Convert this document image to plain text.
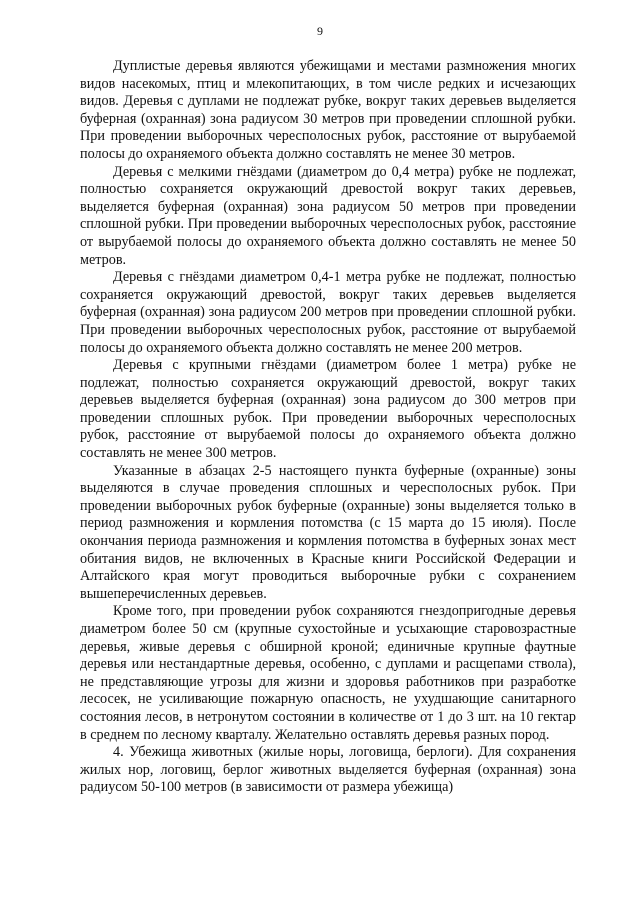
9

Дуплистые деревья являются убежищами и местами размножения многих видов насекомых, птиц и млекопитающих, в том числе редких и исчезающих видов. Деревья с дуплами не подлежат рубке, вокруг таких деревьев выделяется буферная (охранная) зона радиусом 30 метров при проведении сплошной рубки. При проведении выборочных чересполосных рубок, расстояние от вырубаемой полосы до охраняемого объекта должно составлять не менее 30 метров.

Деревья с мелкими гнёздами (диаметром до 0,4 метра) рубке не подлежат, полностью сохраняется окружающий древостой вокруг таких деревьев, выделяется буферная (охранная) зона радиусом 50 метров при проведении сплошной рубки. При проведении выборочных чересполосных рубок, расстояние от вырубаемой полосы до охраняемого объекта должно составлять не менее 50 метров.

Деревья с гнёздами диаметром 0,4-1 метра рубке не подлежат, полностью сохраняется окружающий древостой, вокруг таких деревьев выделяется буферная (охранная) зона радиусом 200 метров при проведении сплошной рубки. При проведении выборочных чересполосных рубок, расстояние от вырубаемой полосы до охраняемого объекта должно составлять не менее 200 метров.

Деревья с крупными гнёздами (диаметром более 1 метра) рубке не подлежат, полностью сохраняется окружающий древостой, вокруг таких деревьев выделяется буферная (охранная) зона радиусом до 300 метров при проведении сплошных рубок. При проведении выборочных чересполосных рубок, расстояние от вырубаемой полосы до охраняемого объекта должно составлять не менее 300 метров.

Указанные в абзацах 2-5 настоящего пункта буферные (охранные) зоны выделяются в случае проведения сплошных и чересполосных рубок. При проведении выборочных рубок буферные (охранные) зоны выделяется только в период размножения и кормления потомства (с 15 марта до 15 июля). После окончания периода размножения и кормления потомства в буферных зонах мест обитания видов, не включенных в Красные книги Российской Федерации и Алтайского края могут проводиться выборочные рубки с сохранением вышеперечисленных деревьев.

Кроме того, при проведении рубок сохраняются гнездопригодные деревья диаметром более 50 см (крупные сухостойные и усыхающие старовозрастные деревья, живые деревья с обширной кроной; единичные крупные фаутные деревья или нестандартные деревья, особенно, с дуплами и расщепами ствола), не представляющие угрозы для жизни и здоровья работников при разработке лесосек, не усиливающие пожарную опасность, не ухудшающие санитарного состояния лесов, в нетронутом состоянии в количестве от 1 до 3 шт. на 10 гектар в среднем по лесному кварталу. Желательно оставлять деревья разных пород.

4. Убежища животных (жилые норы, логовища, берлоги). Для сохранения жилых нор, логовищ, берлог животных выделяется буферная (охранная) зона радиусом 50-100 метров (в зависимости от размера убежища)
